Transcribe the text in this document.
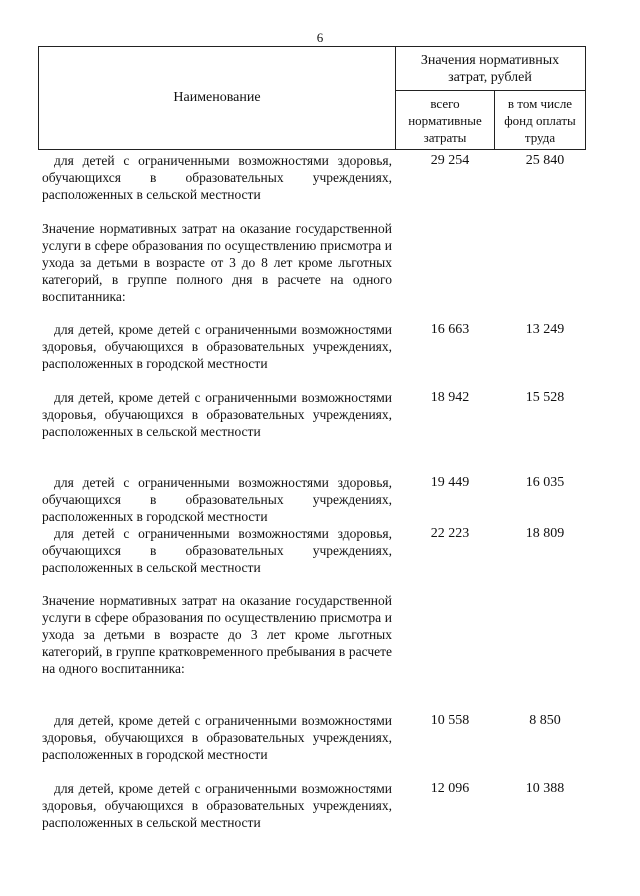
6
Наименование
Значения нормативных затрат, рублей
всего нормативные затраты
в том числе фонд оплаты труда

для детей с ограниченными возможностями здоровья, обучающихся в образовательных учреждениях, расположенных в сельской местности

29 254	25 840

Значение нормативных затрат на оказание государственной услуги в сфере образования по осуществлению присмотра и ухода за детьми в возрасте от 3 до 8 лет кроме льготных категорий, в группе полного дня в расчете на одного воспитанника:

для детей, кроме детей с ограниченными возможностями здоровья, обучающихся в образовательных учреждениях, расположенных в городской местности

16 663	13 249

для детей, кроме детей с ограниченными возможностями здоровья, обучающихся в образовательных учреждениях, расположенных в сельской местности

18 942	15 528

для детей с ограниченными возможностями здоровья, обучающихся в образовательных учреждениях, расположенных в городской местности

19 449	16 035

для детей с ограниченными возможностями здоровья, обучающихся в образовательных учреждениях, расположенных в сельской местности

22 223	18 809

Значение нормативных затрат на оказание государственной услуги в сфере образования по осуществлению присмотра и ухода за детьми в возрасте до 3 лет кроме льготных категорий, в группе кратковременного пребывания в расчете на одного воспитанника:

для детей, кроме детей с ограниченными возможностями здоровья, обучающихся в образовательных учреждениях, расположенных в городской местности

10 558	8 850

для детей, кроме детей с ограниченными возможностями здоровья, обучающихся в образовательных учреждениях, расположенных в сельской местности

12 096	10 388
